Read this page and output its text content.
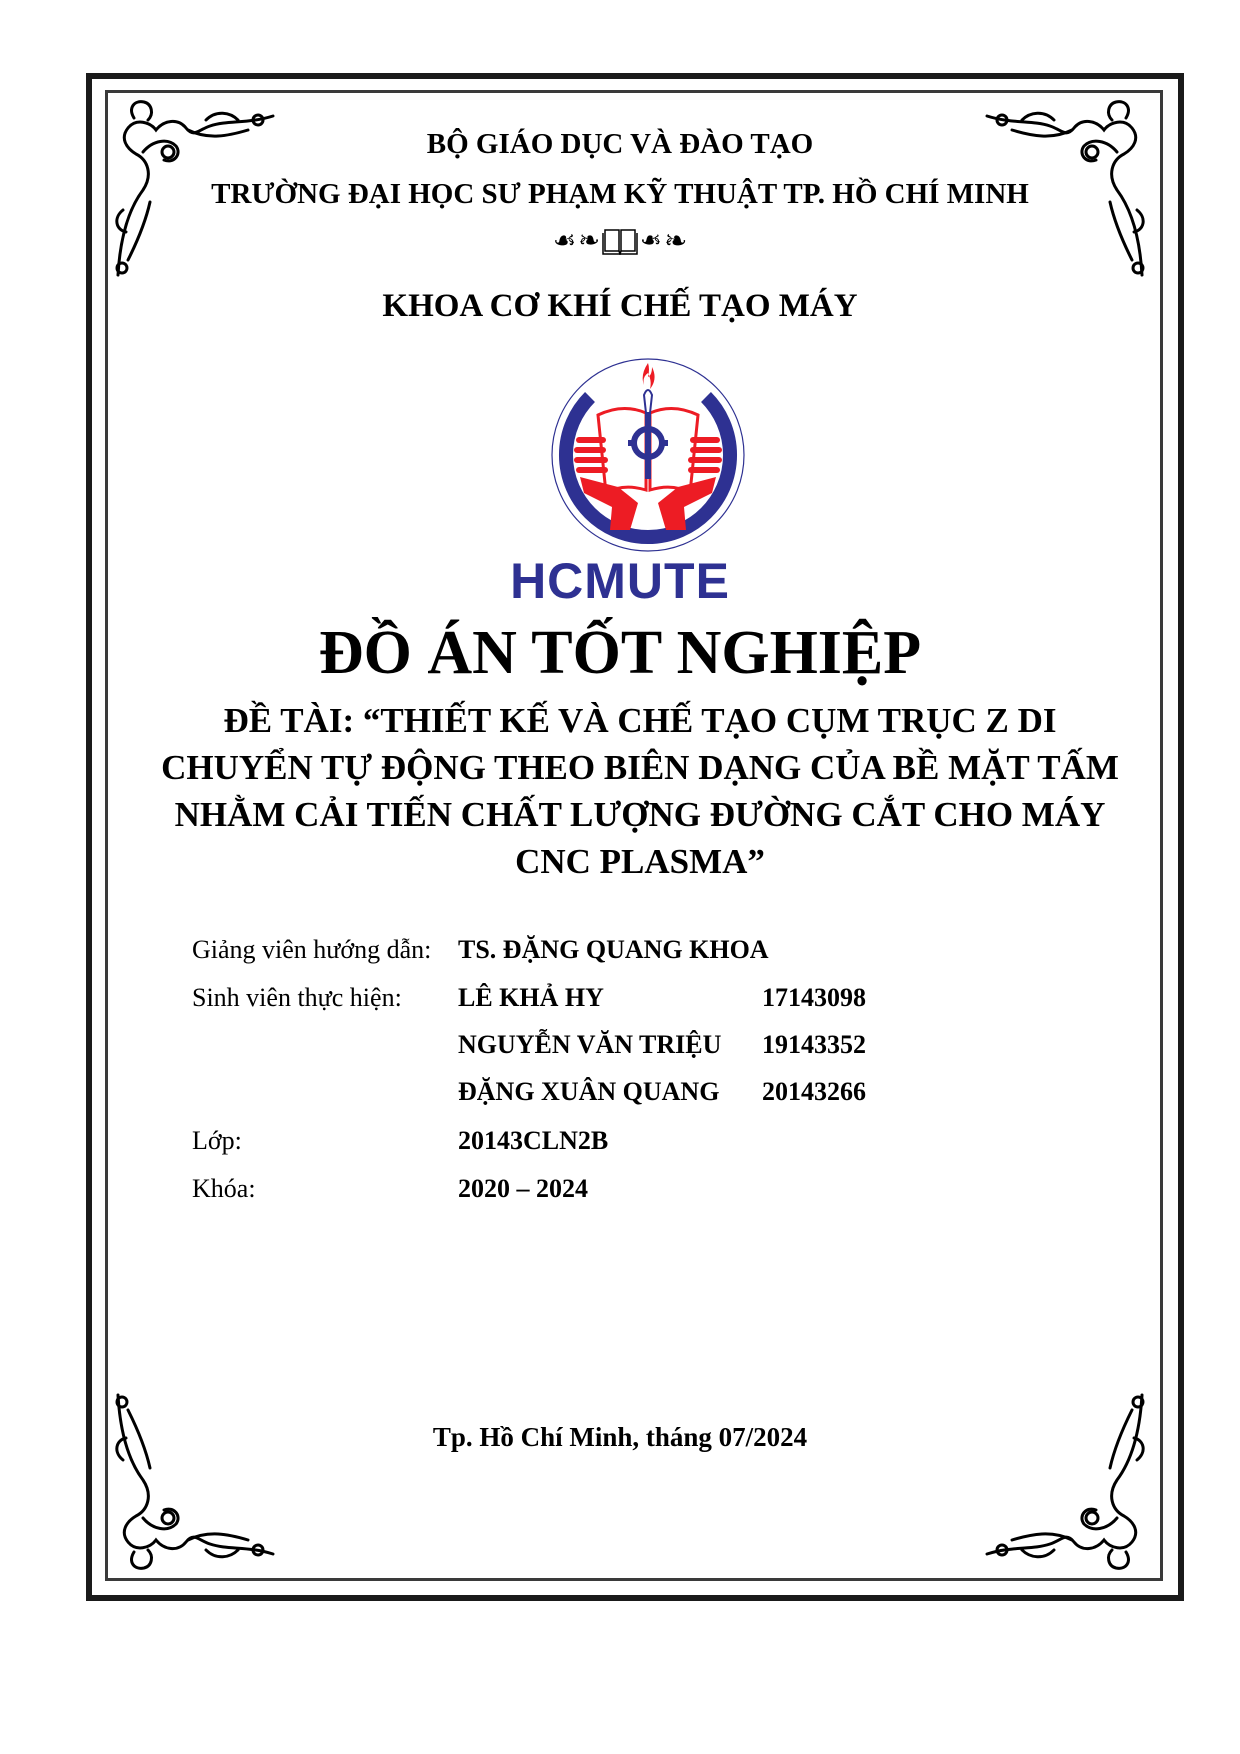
BỘ GIÁO DỤC VÀ ĐÀO TẠO
TRƯỜNG ĐẠI HỌC SƯ PHẠM KỸ THUẬT TP. HỒ CHÍ MINH
☙ ❧ ❧ ☙
KHOA CƠ KHÍ CHẾ TẠO MÁY
HCMUTE
ĐỒ ÁN TỐT NGHIỆP
ĐỀ TÀI: “THIẾT KẾ VÀ CHẾ TẠO CỤM TRỤC Z DI
CHUYỂN TỰ ĐỘNG THEO BIÊN DẠNG CỦA BỀ MẶT TẤM
NHẰM CẢI TIẾN CHẤT LƯỢNG ĐƯỜNG CẮT CHO MÁY
CNC PLASMA”
Giảng viên hướng dẫn: TS. ĐẶNG QUANG KHOA
Sinh viên thực hiện: LÊ KHẢ HY	17143098
NGUYỄN VĂN TRIỆU 19143352
ĐẶNG XUÂN QUANG 20143266
Lớp:	20143CLN2B
Khóa:	2020 – 2024
Tp. Hồ Chí Minh, tháng 07/2024
